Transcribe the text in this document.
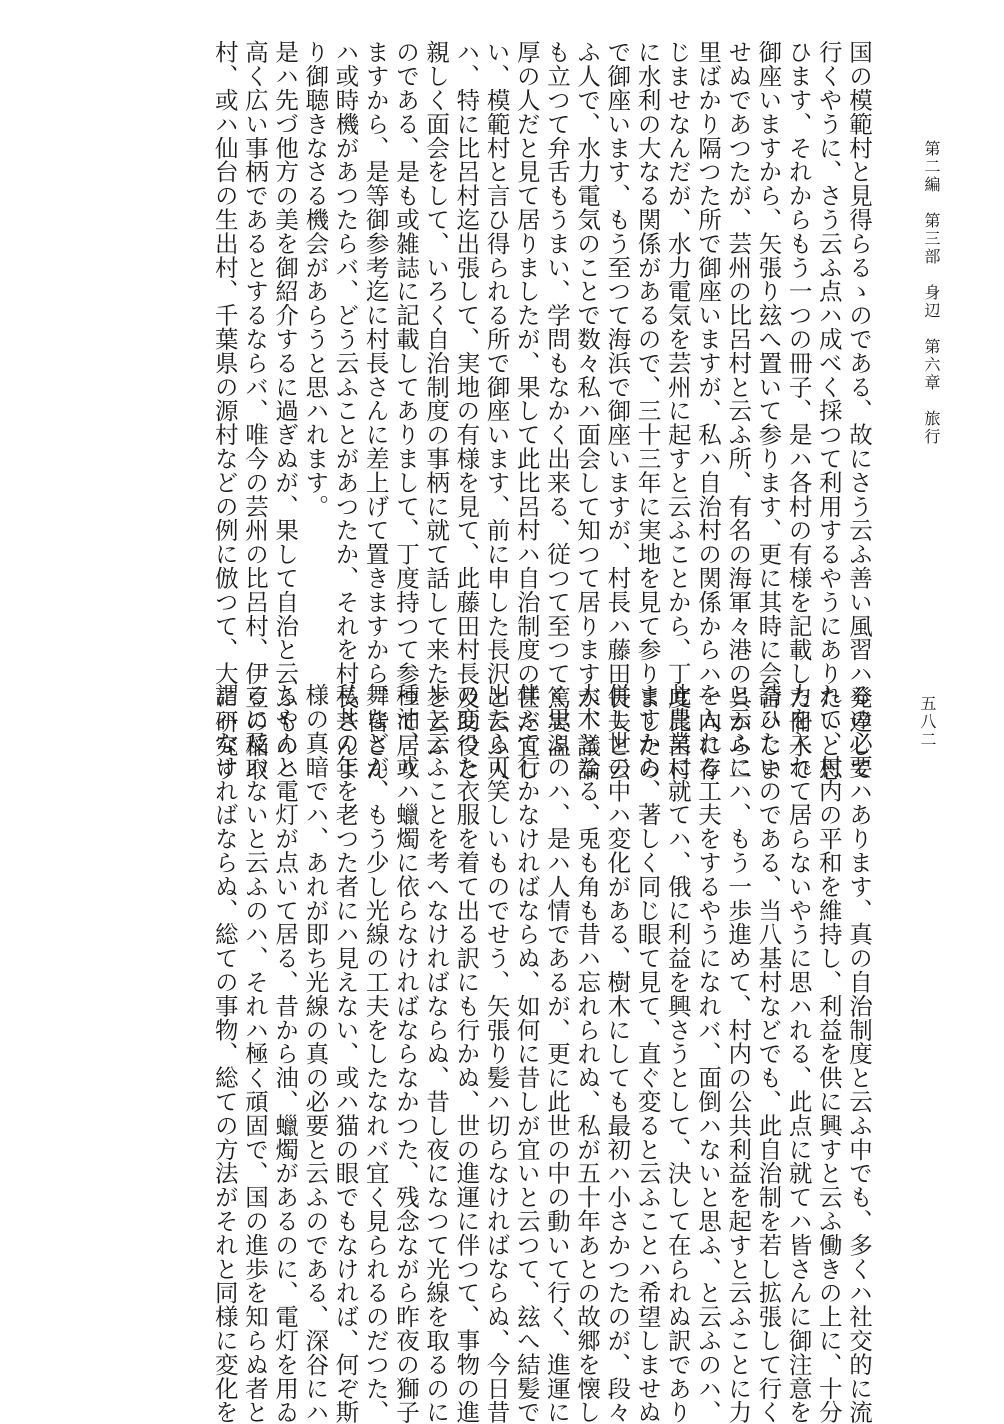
第二編　第三部　身辺　第六章　旅行
五八二
国の模範村と見得らるゝのである、故にさう云ふ善い風習ハ発達して
行くやうに、さう云ふ点ハ成べく採つて利用するやうにありたいと思
ひます、それからもう一つの冊子、是ハ各村の有様を記載した冊子で
御座いますから、矢張り玆へ置いて参ります、更に其時に会合ハしま
せぬであつたが、芸州の比呂村と云ふ所、有名の海軍々港の呉から二
里ばかり隔つた所で御座いますが、私ハ自治村の関係からハ一向に存
じませなんだが、水力電気を芸州に起すと云ふことから、丁度比呂村
に水利の大なる関係があるので、三十三年に実地を見て参りましたの
で御座います、もう至つて海浜で御座いますが、村長ハ藤田長夫と云
ふ人で、水力電気のことで数々私ハ面会して知つて居りますが、議論
も立つて弁舌もうまい、学問もなかく出来る、従つて至つて篤実温
厚の人だと見て居りましたが、果して此比呂村ハ自治制度の甚だ宜し
い、模範村と言ひ得られる所で御座います、前に申した長沢と云ふ人
ハ、特に比呂村迄出張して、実地の有様を見て、此藤田村長及助役と
親しく面会をして、いろく自治制度の事柄に就て話して来たと云ふ
のである、是も或雑誌に記載してありまして、丁度持つて参つて居り
ますから、是等御参考迄に村長さんに差上げて置きますから、皆さん
ハ或時機があつたらバ、どう云ふことがあつたか、それを村長さんよ
り御聴きなさる機会があらうと思ハれます。
是ハ先づ他方の美を御紹介するに過ぎぬが、果して自治と云ふものハ
高く広い事柄であるとするならバ、唯今の芸州の比呂村、伊豆の稲取
村、或ハ仙台の生出村、千葉県の源村などの例に倣つて、大に研究す
るの必要ハあります、真の自治制度と云ふ中でも、多くハ社交的に流
れて、村内の平和を維持し、利益を供に興すと云ふ働きの上に、十分
力を入れて居らないやうに思ハれる、此点に就てハ皆さんに御注意を
請ひたいのである、当八基村などでも、此自治制を若し拡張して行く
と云ふにハ、もう一歩進めて、村内の公共利益を起すと云ふことに力
を入れる工夫をするやうになれバ、面倒ハないと思ふ、と云ふのハ、
此農業に就てハ、俄に利益を興さうとして、決して在られぬ訳であり
ますから、著しく同じ眼て見て、直ぐ変ると云ふことハ希望しませぬ
併し世の中ハ変化がある、樹木にしても最初ハ小さかつたのが、段々
大木となる、兎も角も昔ハ忘れられぬ、私が五十年あとの故郷を懐し
く思ふのハ、是ハ人情であるが、更に此世の中の動いて行く、進運に
伴ふて行かなければならぬ、如何に昔しが宜いと云つて、玆へ結髪で
出たら可笑しいものでせう、矢張り髪ハ切らなければならぬ、今日昔
の変つた衣服を着て出る訳にも行かぬ、世の進運に伴つて、事物の進
歩と云ふことを考へなければならぬ、昔し夜になつて光線を取るのに
種油、或ハ蠟燭に依らなければならなかつた、残念ながら昨夜の獅子
舞などが、もう少し光線の工夫をしたなれバ宜く見られるのだつた、
私共の年を老つた者にハ見えない、或ハ猫の眼でもなければ、何ぞ斯
様の真暗でハ、あれが即ち光線の真の必要と云ふのである、深谷にハ
ちやんと電灯が点いて居る、昔から油、蠟燭があるのに、電灯を用ゐ
るに及バないと云ふのハ、それハ極く頑固で、国の進歩を知らぬ者と
謂ハなければならぬ、総ての事物、総ての方法がそれと同様に変化を
